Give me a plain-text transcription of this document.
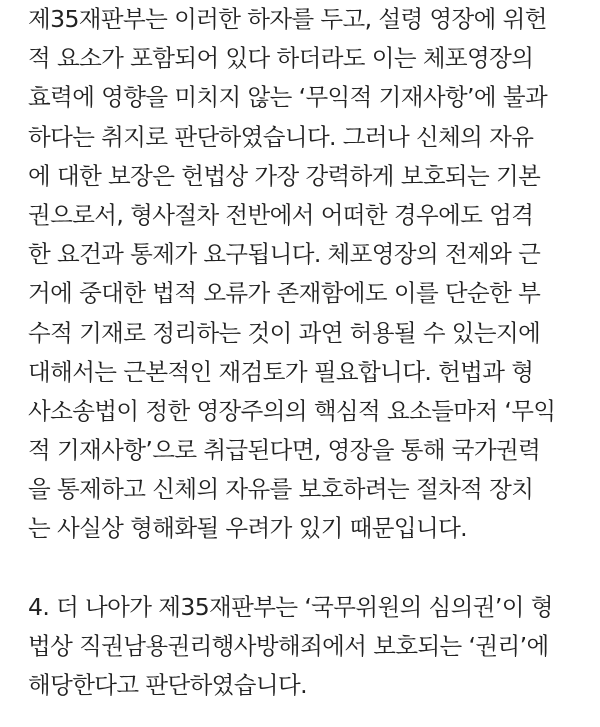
제35재판부는 이러한 하자를 두고, 설령 영장에 위헌
적 요소가 포함되어 있다 하더라도 이는 체포영장의
효력에 영향을 미치지 않는 ‘무익적 기재사항’에 불과
하다는 취지로 판단하였습니다. 그러나 신체의 자유
에 대한 보장은 헌법상 가장 강력하게 보호되는 기본
권으로서, 형사절차 전반에서 어떠한 경우에도 엄격
한 요건과 통제가 요구됩니다. 체포영장의 전제와 근
거에 중대한 법적 오류가 존재함에도 이를 단순한 부
수적 기재로 정리하는 것이 과연 허용될 수 있는지에
대해서는 근본적인 재검토가 필요합니다. 헌법과 형
사소송법이 정한 영장주의의 핵심적 요소들마저 ‘무익
적 기재사항’으로 취급된다면, 영장을 통해 국가권력
을 통제하고 신체의 자유를 보호하려는 절차적 장치
는 사실상 형해화될 우려가 있기 때문입니다.
4. 더 나아가 제35재판부는 ‘국무위원의 심의권’이 형
법상 직권남용권리행사방해죄에서 보호되는 ‘권리’에
해당한다고 판단하였습니다.
